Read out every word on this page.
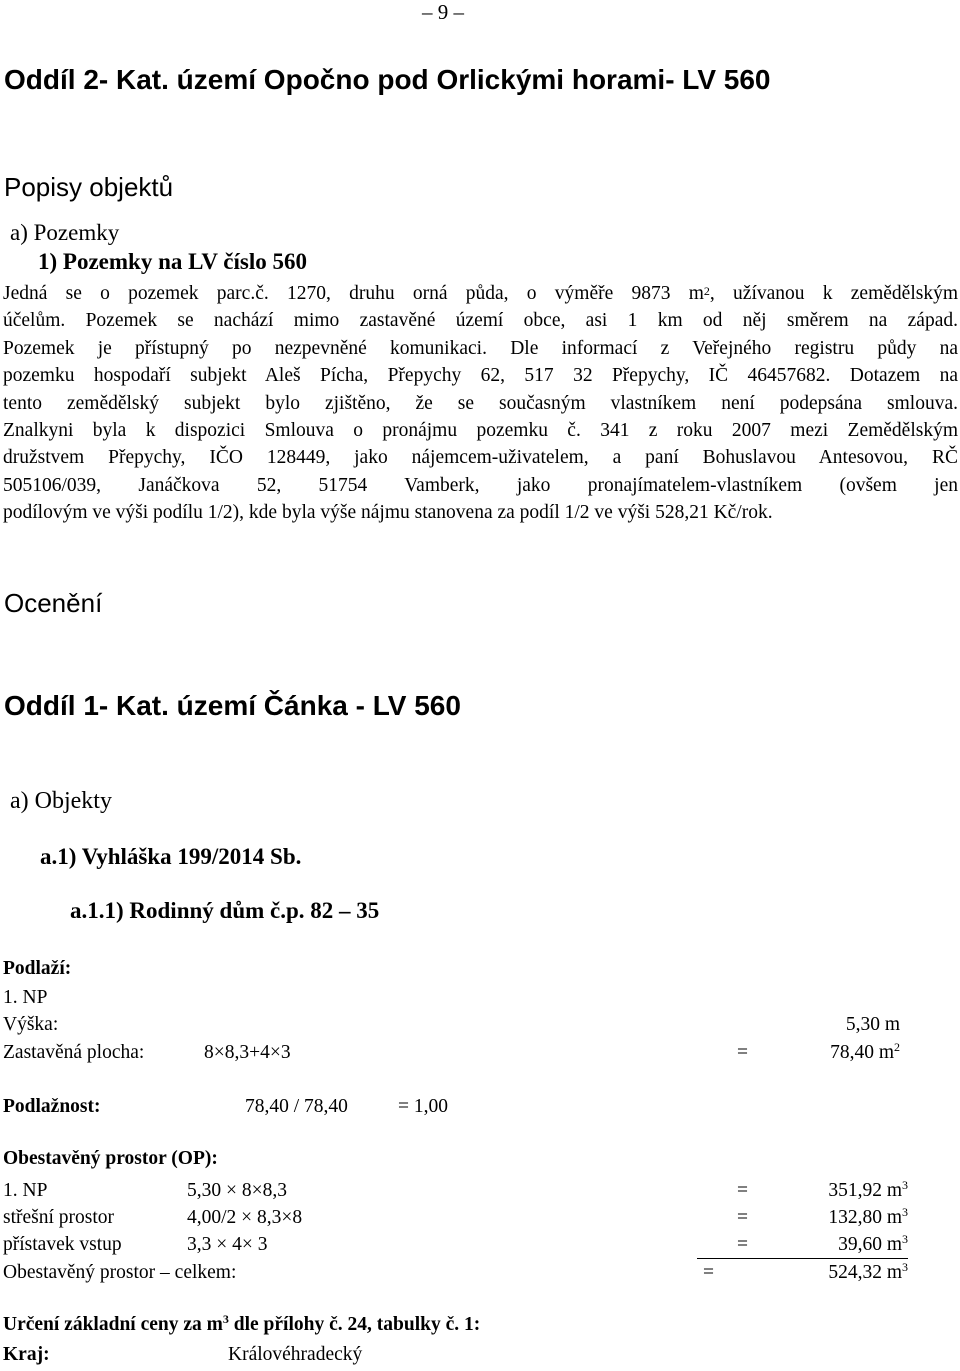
– 9 –
Oddíl 2- Kat. území Opočno pod Orlickými horami- LV 560
Popisy objektů
a) Pozemky
1) Pozemky na LV číslo 560
Jedná se o pozemek parc.č. 1270, druhu orná půda, o výměře 9873 $m^2$, užívanou k zemědělským
účelům. Pozemek se nachází mimo zastavěné území obce, asi 1 km od něj směrem na západ.
Pozemek je přístupný po nezpevněné komunikaci. Dle informací z Veřejného registru půdy na
pozemku hospodaří subjekt Aleš Pícha, Přepychy 62, 517 32 Přepychy, IČ 46457682. Dotazem na
tento zemědělský subjekt bylo zjištěno, že se současným vlastníkem není podepsána smlouva.
Znalkyni byla k dispozici Smlouva o pronájmu pozemku č. 341 z roku 2007 mezi Zemědělským
družstvem Přepychy, IČO 128449, jako nájemcem-uživatelem, a paní Bohuslavou Antesovou, RČ
505106/039, Janáčkova 52, 51754 Vamberk, jako pronajímatelem-vlastníkem (ovšem jen
podílovým ve výši podílu 1/2), kde byla výše nájmu stanovena za podíl 1/2 ve výši 528,21 Kč/rok.
Ocenění
Oddíl 1- Kat. území Čánka - LV 560
a) Objekty
a.1) Vyhláška 199/2014 Sb.
a.1.1) Rodinný dům č.p. 82 – 35
Podlaží:
1. NP
Výška:	5,30 m
Zastavěná plocha:	8×8,3+4×3	=	78,40 $m^2$
Podlažnost:	78,40 / 78,40	= 1,00
Obestavěný prostor (OP):
1. NP	5,30 × 8×8,3	=	351,92 $m^3$
střešní prostor	4,00/2 × 8,3×8	=	132,80 $m^3$
přístavek vstup	3,3 × 4× 3	=	39,60 $m^3$
Obestavěný prostor – celkem:	=	524,32 $m^3$
Určení základní ceny za $m^3$ dle přílohy č. 24, tabulky č. 1:
Kraj:	Královéhradecký
